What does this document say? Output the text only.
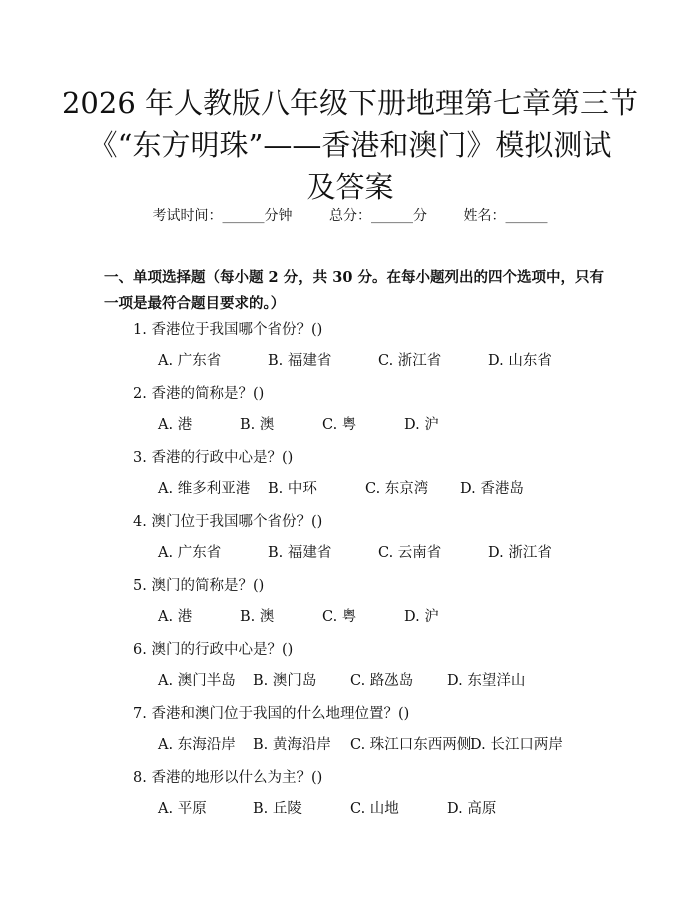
2026 年人教版八年级下册地理第七章第三节
《“东方明珠”——香港和澳门》模拟测试
及答案
考试时间：______分钟	总分：______分	姓名：______
一、单项选择题（每小题 2 分，共 30 分。在每小题列出的四个选项中，只有一项是最符合题目要求的。）
1. 香港位于我国哪个省份？()
A. 广东省	B. 福建省	C. 浙江省	D. 山东省
2. 香港的简称是？()
A. 港	B. 澳	C. 粤	D. 沪
3. 香港的行政中心是？()
A. 维多利亚港 B. 中环	C. 东京湾 D. 香港岛
4. 澳门位于我国哪个省份？()
A. 广东省	B. 福建省	C. 云南省	D. 浙江省
5. 澳门的简称是？()
A. 港	B. 澳	C. 粤	D. 沪
6. 澳门的行政中心是？()
A. 澳门半岛 B. 澳门岛 C. 路氹岛 D. 东望洋山
7. 香港和澳门位于我国的什么地理位置？()
A. 东海沿岸 B. 黄海沿岸 C. 珠江口东西两侧
D. 长江口两岸
8. 香港的地形以什么为主？()
A. 平原	B. 丘陵	C. 山地	D. 高原
